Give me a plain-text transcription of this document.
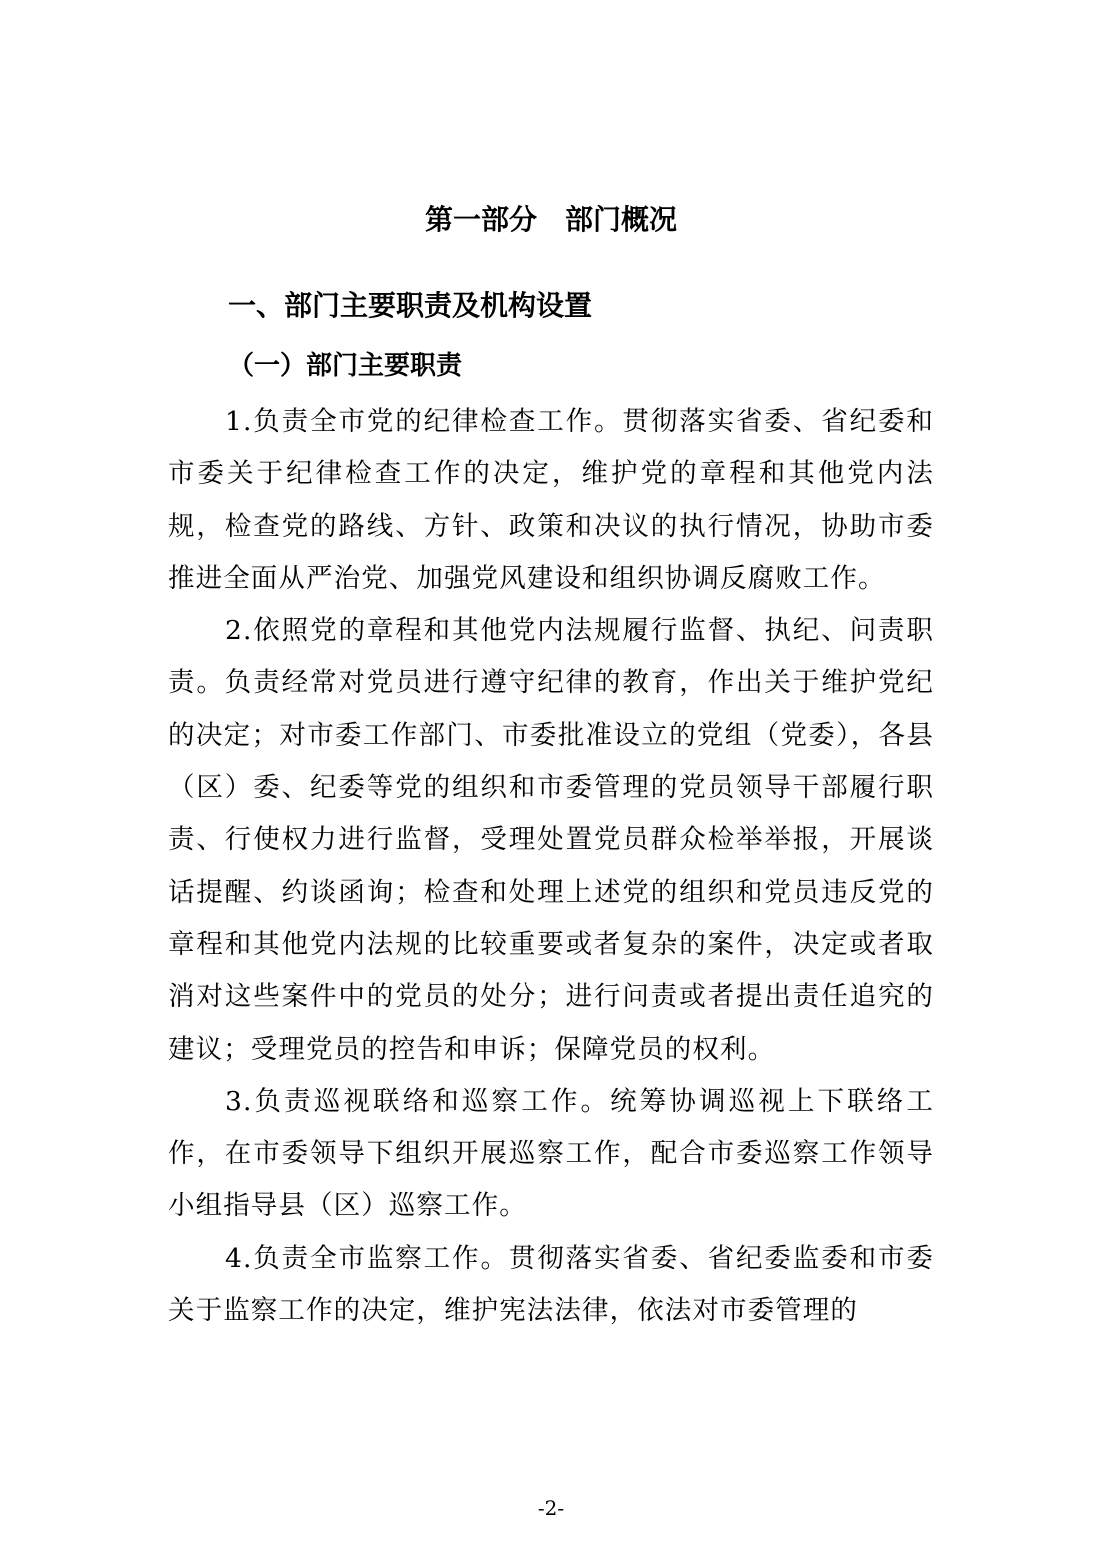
第一部分　部门概况
一、部门主要职责及机构设置
（一）部门主要职责

1.负责全市党的纪律检查工作。贯彻落实省委、省纪委和市委关于纪律检查工作的决定，维护党的章程和其他党内法规，检查党的路线、方针、政策和决议的执行情况，协助市委推进全面从严治党、加强党风建设和组织协调反腐败工作。

2.依照党的章程和其他党内法规履行监督、执纪、问责职责。负责经常对党员进行遵守纪律的教育，作出关于维护党纪的决定；对市委工作部门、市委批准设立的党组（党委），各县（区）委、纪委等党的组织和市委管理的党员领导干部履行职责、行使权力进行监督，受理处置党员群众检举举报，开展谈话提醒、约谈函询；检查和处理上述党的组织和党员违反党的章程和其他党内法规的比较重要或者复杂的案件，决定或者取消对这些案件中的党员的处分；进行问责或者提出责任追究的建议；受理党员的控告和申诉；保障党员的权利。

3.负责巡视联络和巡察工作。统筹协调巡视上下联络工作，在市委领导下组织开展巡察工作，配合市委巡察工作领导小组指导县（区）巡察工作。

4.负责全市监察工作。贯彻落实省委、省纪委监委和市委关于监察工作的决定，维护宪法法律，依法对市委管理的

-2-
